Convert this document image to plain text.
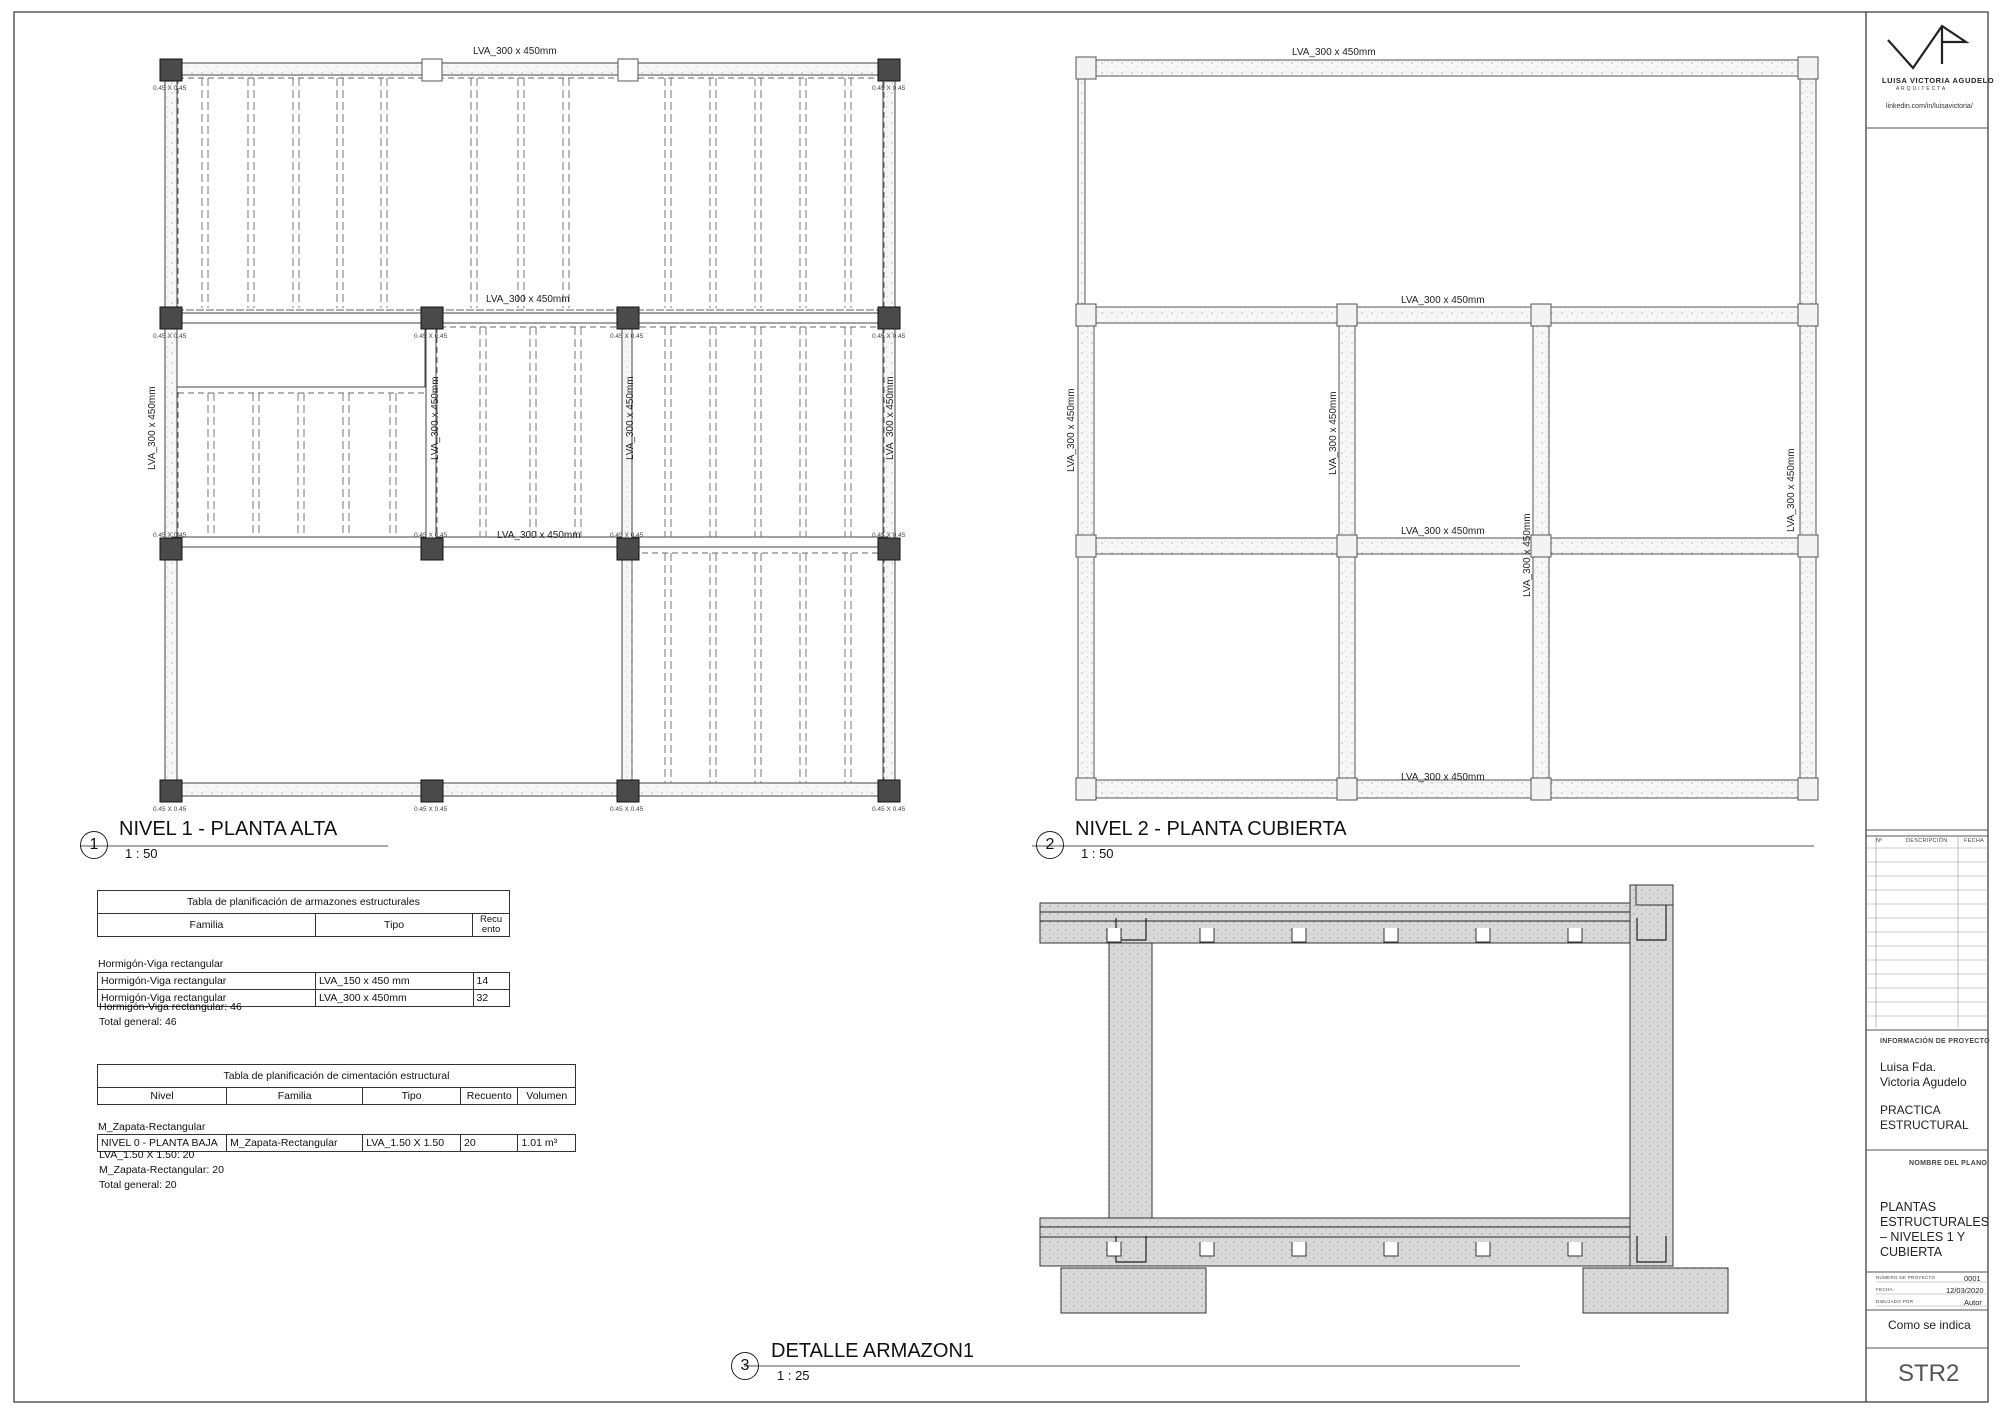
LVA_300 x 450mm
LVA_300 x 450mm
LVA_300 x 450mm
LVA_300 x 450mm	LVA_300 x 450mm	LVA_300 x 450mm	LVA_300 x 450mm
0.45 X 0.45	0.45 X 0.45
0.45 X 0.45	0.45 X 0.45	0.45 X 0.45	0.45 X 0.45
0.45 X 0.45	0.45 X 0.45	0.45 X 0.45	0.45 X 0.45
0.45 X 0.45	0.45 X 0.45	0.45 X 0.45	0.45 X 0.45
LVA_300 x 450mm
LVA_300 x 450mm
LVA_300 x 450mm
LVA_300 x 450mm
LVA_300 x 450mm	LVA_300 x 450mm
LVA_300 x 450mm
LVA_300 x 450mm
LUISA VICTORIA AGUDELO
A R Q U I T E C T A
linkedin.com/in/luisavictoria/
Nº	DESCRIPCIÓN	FECHA
INFORMACIÓN DE PROYECTO
Luisa Fda.
Victoria Agudelo
PRACTICA
ESTRUCTURAL
NOMBRE DEL PLANO
PLANTAS
ESTRUCTURALES
– NIVELES 1 Y
CUBIERTA
NÚMERO DE PROYECTO	0001
FECHA	12/03/2020
DIBUJADO POR	Autor
Como se indica
STR2
1
NIVEL 1 - PLANTA ALTA
1 : 50
2
NIVEL 2 - PLANTA CUBIERTA
1 : 50
3
DETALLE ARMAZON1
1 : 25
Tabla de planificación de armazones estructurales
Familia	Tipo	Recu
ento
Hormigón-Viga rectangular
Hormigón-Viga rectangular	LVA_150 x 450 mm	14
Hormigón-Viga rectangular	LVA_300 x 450mm	32
Hormigón-Viga rectangular: 46
Total general: 46
Tabla de planificación de cimentación estructural
Nivel	Familia	Tipo	Recuento	Volumen
M_Zapata-Rectangular
NIVEL 0 - PLANTA BAJA	M_Zapata-Rectangular	LVA_1.50 X 1.50	20	1.01 m³
LVA_1.50 X 1.50: 20
M_Zapata-Rectangular: 20
Total general: 20
